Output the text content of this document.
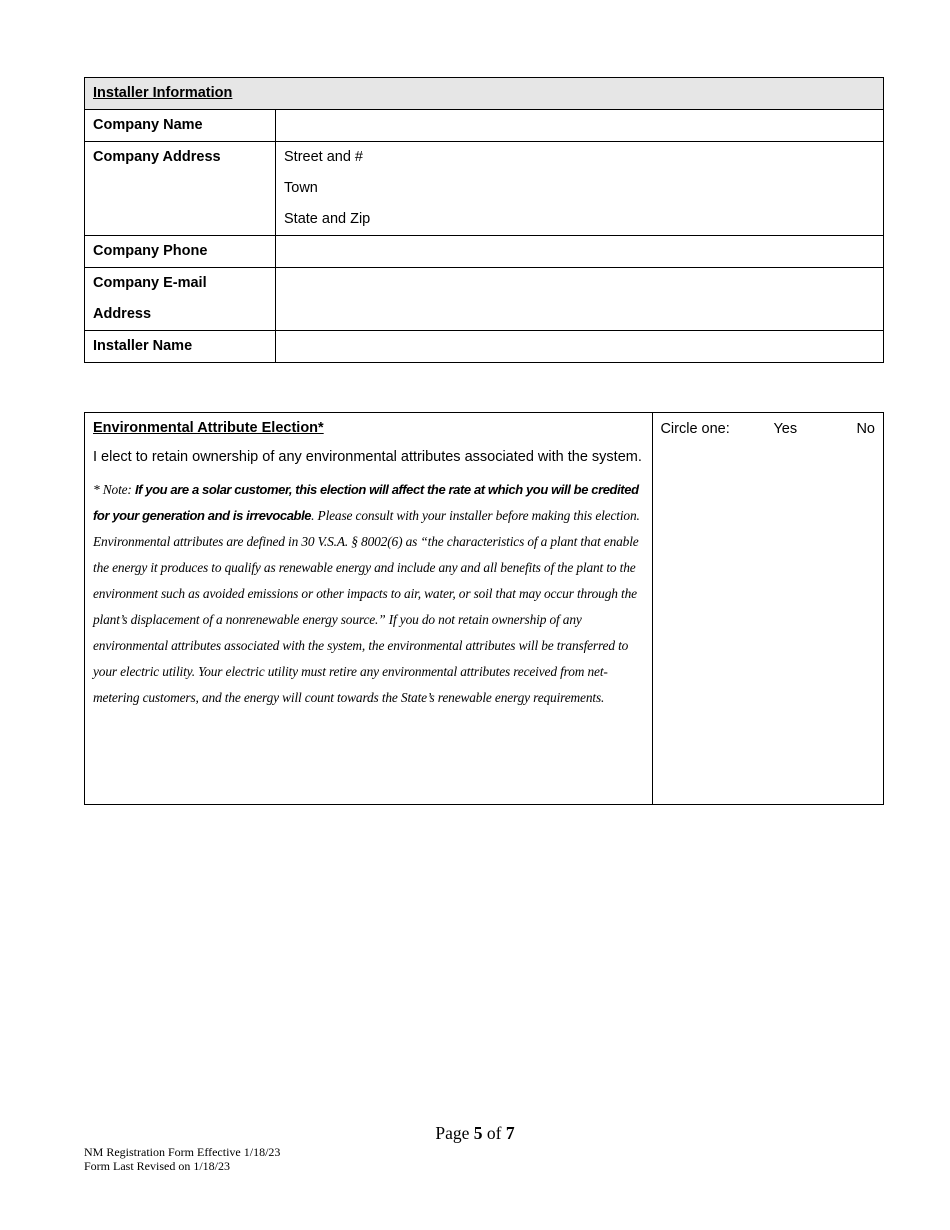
Installer Information	

Company Name	

Company Address	Street and #
Town
State and Zip

Company Phone	

Company E-mail
Address	

Installer Name	

Environmental Attribute Election*
I elect to retain ownership of any environmental attributes associated with the system.
* Note: If you are a solar customer, this election will affect the rate at which you will be credited for your generation and is irrevocable. Please consult with your installer before making this election. Environmental attributes are defined in 30 V.S.A. § 8002(6) as “the characteristics of a plant that enable the energy it produces to qualify as renewable energy and include any and all benefits of the plant to the environment such as avoided emissions or other impacts to air, water, or soil that may occur through the plant’s displacement of a nonrenewable energy source.” If you do not retain ownership of any environmental attributes associated with the system, the environmental attributes will be transferred to your electric utility. Your electric utility must retire any environmental attributes received from net-metering customers, and the energy will count towards the State’s renewable energy requirements.

Circle one:	Yes	No
Page 5 of 7
NM Registration Form Effective 1/18/23
Form Last Revised on 1/18/23
